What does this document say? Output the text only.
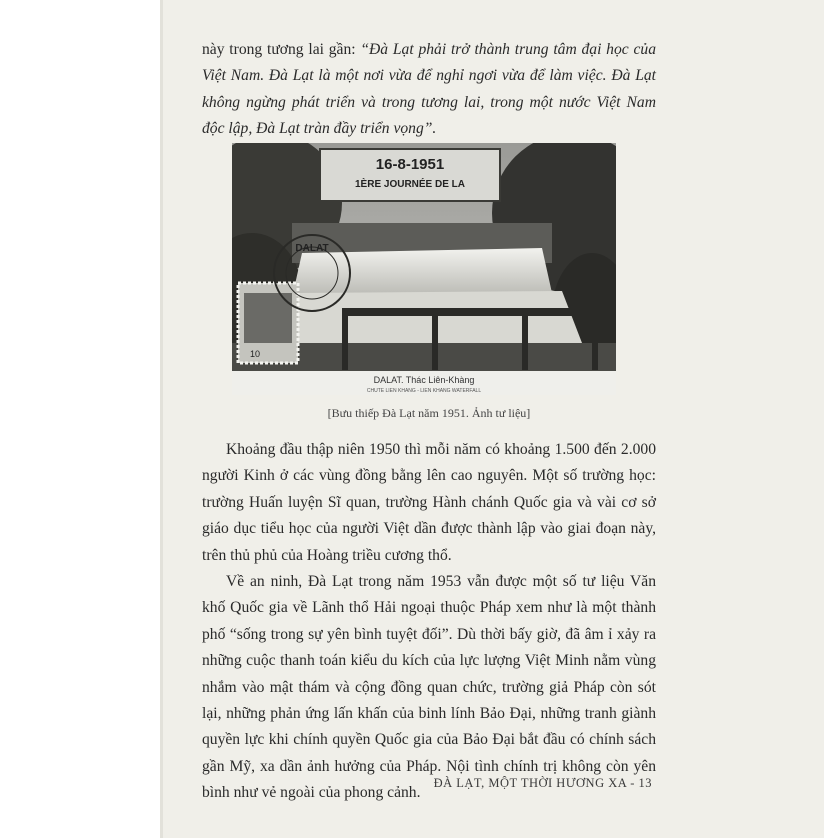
này trong tương lai gần: “Đà Lạt phải trở thành trung tâm đại học của Việt Nam. Đà Lạt là một nơi vừa để nghỉ ngơi vừa để làm việc. Đà Lạt không ngừng phát triển và trong tương lai, trong một nước Việt Nam độc lập, Đà Lạt tràn đầy triển vọng”.

16-8-1951
1ÈRE JOURNÉE DE LA
10
DALAT
DALAT. Thác Liên-Khàng
CHUTE LIEN KHANG - LIEN KHANG WATERFALL
[Bưu thiếp Đà Lạt năm 1951. Ảnh tư liệu]

Khoảng đầu thập niên 1950 thì mỗi năm có khoảng 1.500 đến 2.000 người Kinh ở các vùng đồng bằng lên cao nguyên. Một số trường học: trường Huấn luyện Sĩ quan, trường Hành chánh Quốc gia và vài cơ sở giáo dục tiểu học của người Việt dần được thành lập vào giai đoạn này, trên thủ phủ của Hoàng triều cương thổ.

Về an ninh, Đà Lạt trong năm 1953 vẫn được một số tư liệu Văn khố Quốc gia về Lãnh thổ Hải ngoại thuộc Pháp xem như là một thành phố “sống trong sự yên bình tuyệt đối”. Dù thời bấy giờ, đã âm ỉ xảy ra những cuộc thanh toán kiểu du kích của lực lượng Việt Minh nằm vùng nhắm vào mật thám và cộng đồng quan chức, trường giả Pháp còn sót lại, những phản ứng lấn khấn của binh lính Bảo Đại, những tranh giành quyền lực khi chính quyền Quốc gia của Bảo Đại bắt đầu có chính sách gần Mỹ, xa dần ảnh hưởng của Pháp. Nội tình chính trị không còn yên bình như vẻ ngoài của phong cảnh.

ĐÀ LẠT, MỘT THỜI HƯƠNG XA - 13
